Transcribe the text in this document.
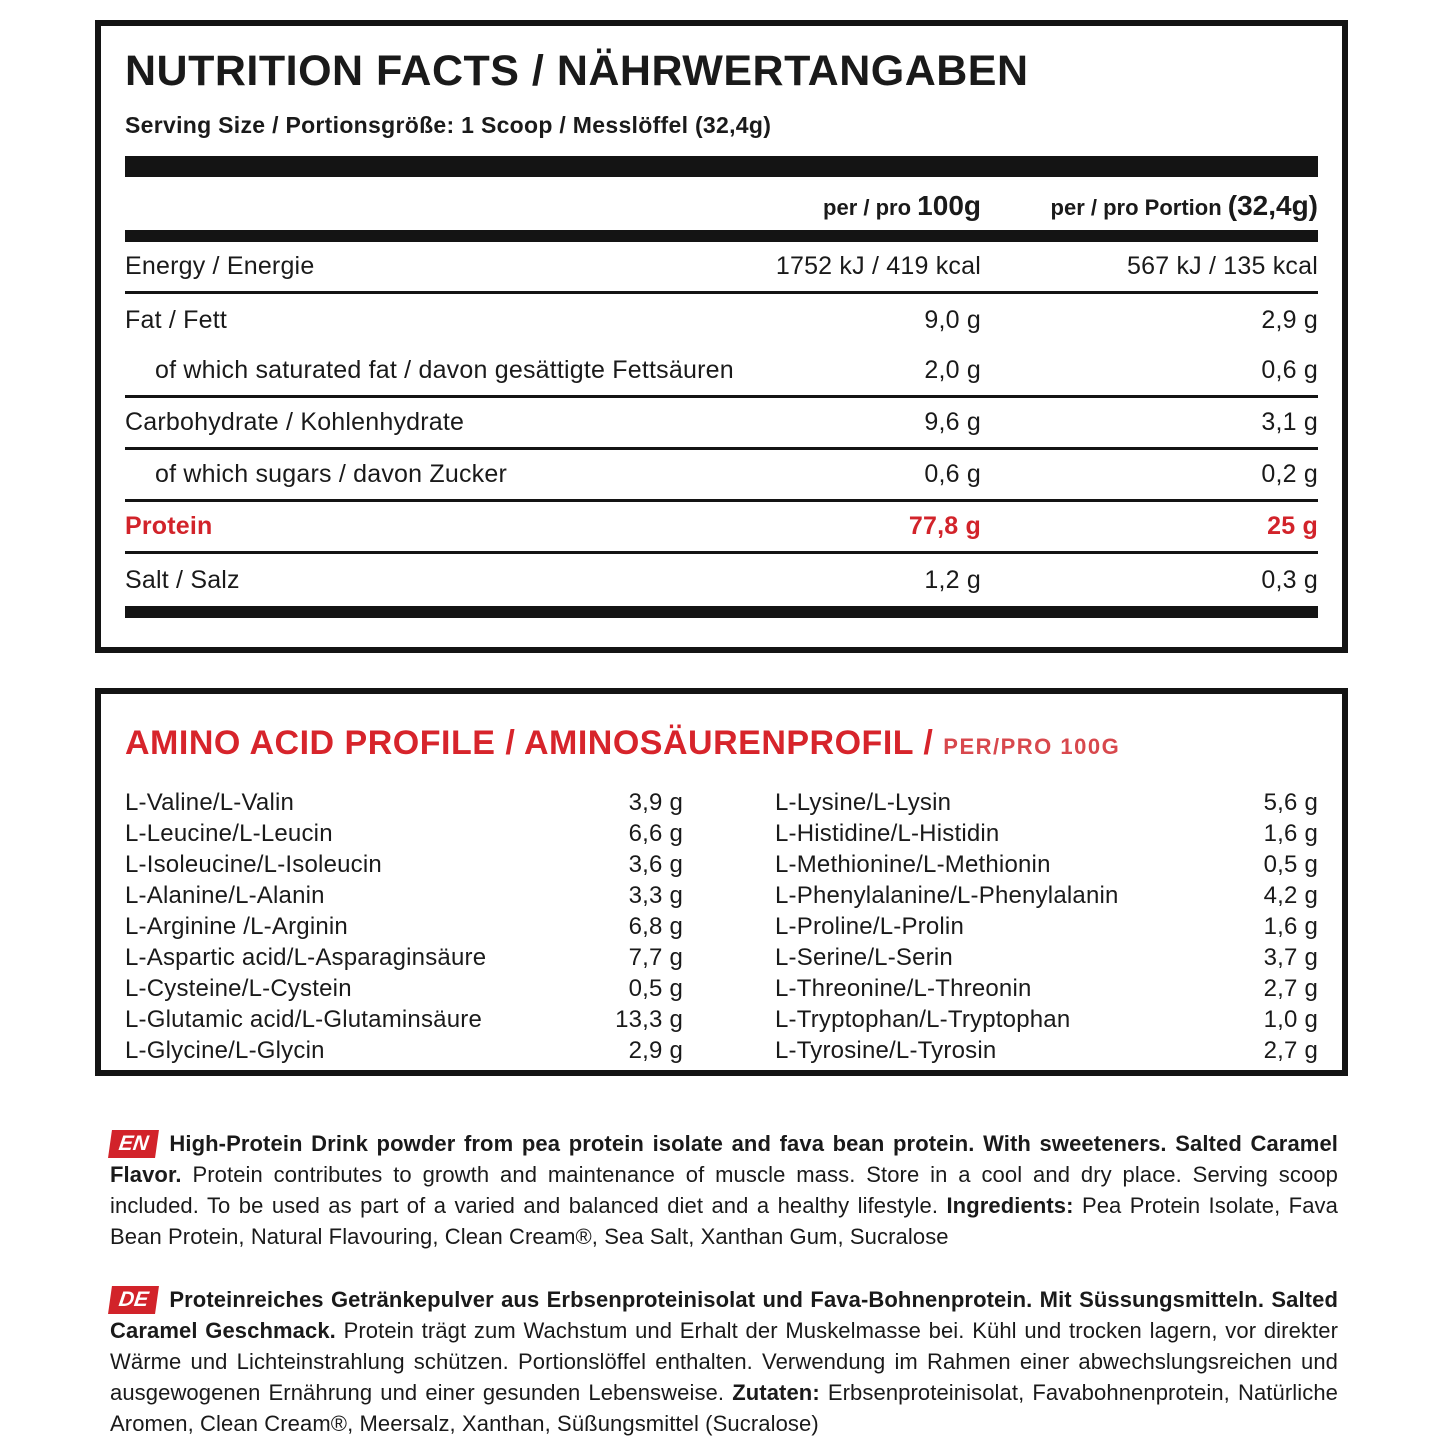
NUTRITION FACTS / NÄHRWERTANGABEN
Serving Size / Portionsgröße: 1 Scoop / Messlöffel (32,4g)
per / pro 100g	per / pro Portion (32,4g)
Energy / Energie	1752 kJ / 419 kcal	567 kJ / 135 kcal
Fat / Fett	9,0 g	2,9 g
of which saturated fat / davon gesättigte Fettsäuren	2,0 g	0,6 g
Carbohydrate / Kohlenhydrate	9,6 g	3,1 g
of which sugars / davon Zucker	0,6 g	0,2 g
Protein	77,8 g	25 g
Salt / Salz	1,2 g	0,3 g
AMINO ACID PROFILE / AMINOSÄURENPROFIL / PER/PRO 100G
L-Valine/L-Valin	3,9 g	L-Lysine/L-Lysin	5,6 g
L-Leucine/L-Leucin	6,6 g	L-Histidine/L-Histidin	1,6 g
L-Isoleucine/L-Isoleucin	3,6 g	L-Methionine/L-Methionin	0,5 g
L-Alanine/L-Alanin	3,3 g	L-Phenylalanine/L-Phenylalanin	4,2 g
L-Arginine /L-Arginin	6,8 g	L-Proline/L-Prolin	1,6 g
L-Aspartic acid/L-Asparaginsäure	7,7 g	L-Serine/L-Serin	3,7 g
L-Cysteine/L-Cystein	0,5 g	L-Threonine/L-Threonin	2,7 g
L-Glutamic acid/L-Glutaminsäure	13,3 g	L-Tryptophan/L-Tryptophan	1,0 g
L-Glycine/L-Glycin	2,9 g	L-Tyrosine/L-Tyrosin	2,7 g

EN High-Protein Drink powder from pea protein isolate and fava bean protein. With sweeteners. Salted Caramel Flavor. Protein contributes to growth and maintenance of muscle mass. Store in a cool and dry place. Serving scoop included. To be used as part of a varied and balanced diet and a healthy lifestyle. Ingredients: Pea Protein Isolate, Fava Bean Protein, Natural Flavouring, Clean Cream®, Sea Salt, Xanthan Gum, Sucralose

DE Proteinreiches Getränkepulver aus Erbsenproteinisolat und Fava-Bohnenprotein. Mit Süssungsmitteln. Salted Caramel Geschmack. Protein trägt zum Wachstum und Erhalt der Muskelmasse bei. Kühl und trocken lagern, vor direkter Wärme und Lichteinstrahlung schützen. Portionslöffel enthalten. Verwendung im Rahmen einer abwechslungsreichen und ausgewogenen Ernährung und einer gesunden Lebensweise. Zutaten: Erbsenproteinisolat, Favabohnenprotein, Natürliche Aromen, Clean Cream®, Meersalz, Xanthan, Süßungsmittel (Sucralose)
